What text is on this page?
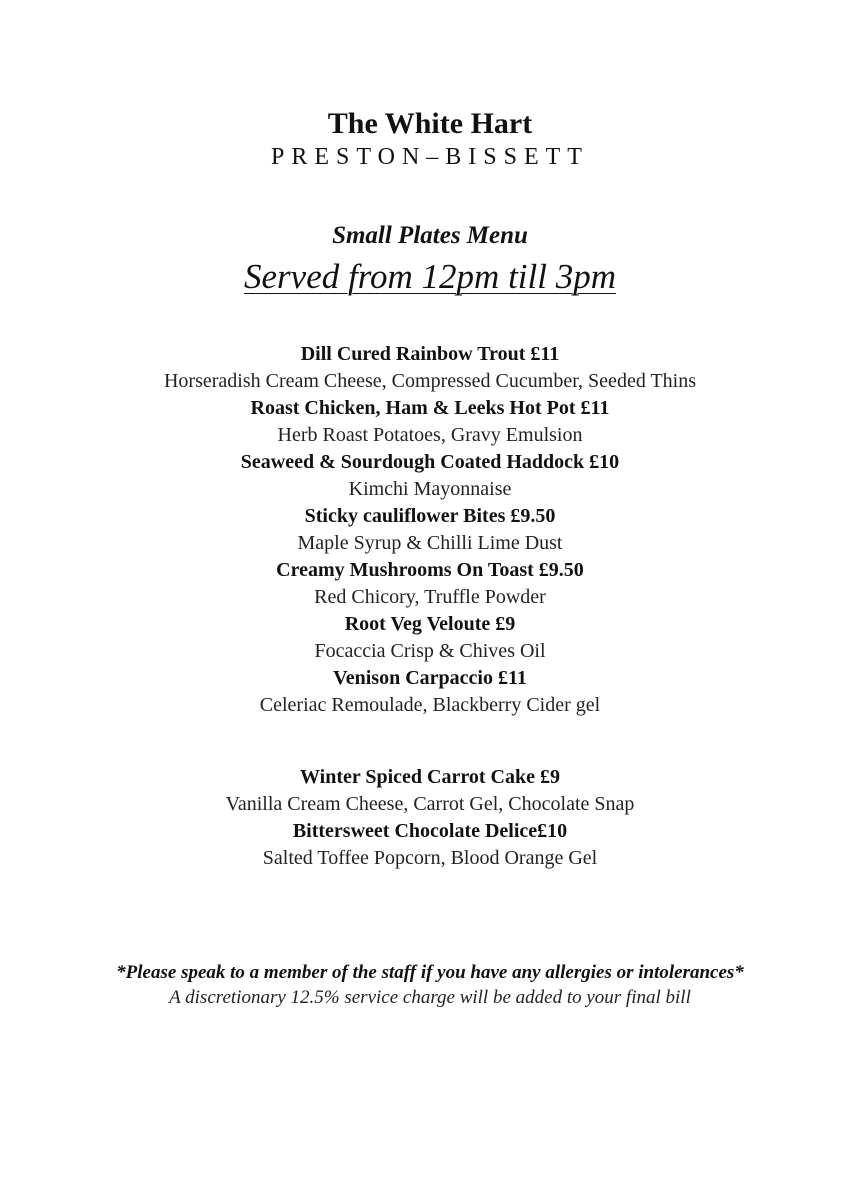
The White Hart
PRESTON–BISSETT
Small Plates Menu
Served from 12pm till 3pm
Dill Cured Rainbow Trout £11
Horseradish Cream Cheese, Compressed Cucumber, Seeded Thins
Roast Chicken, Ham & Leeks Hot Pot £11
Herb Roast Potatoes, Gravy Emulsion
Seaweed & Sourdough Coated Haddock £10
Kimchi Mayonnaise
Sticky cauliflower Bites £9.50
Maple Syrup & Chilli Lime Dust
Creamy Mushrooms On Toast £9.50
Red Chicory, Truffle Powder
Root Veg Veloute £9
Focaccia Crisp & Chives Oil
Venison Carpaccio £11
Celeriac Remoulade, Blackberry Cider gel
Winter Spiced Carrot Cake £9
Vanilla Cream Cheese, Carrot Gel, Chocolate Snap
Bittersweet Chocolate Delice£10
Salted Toffee Popcorn, Blood Orange Gel
*Please speak to a member of the staff if you have any allergies or intolerances*
A discretionary 12.5% service charge will be added to your final bill
